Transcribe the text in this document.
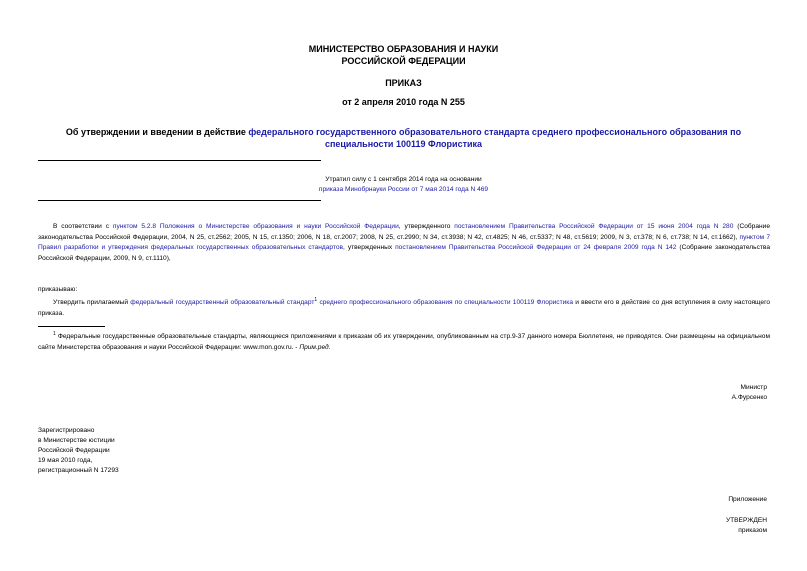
МИНИСТЕРСТВО ОБРАЗОВАНИЯ И НАУКИ
РОССИЙСКОЙ ФЕДЕРАЦИИ
ПРИКАЗ
от 2 апреля 2010 года N 255
Об утверждении и введении в действие федерального государственного образовательного стандарта среднего профессионального образования по специальности 100119 Флористика
Утратил силу с 1 сентября 2014 года на основании
приказа Минобрнауки России от 7 мая 2014 года N 469
В соответствии с пунктом 5.2.8 Положения о Министерстве образования и науки Российской Федерации, утвержденного постановлением Правительства Российской Федерации от 15 июня 2004 года N 280 (Собрание законодательства Российской Федерации, 2004, N 25, ст.2562; 2005, N 15, ст.1350; 2006, N 18, ст.2007; 2008, N 25, ст.2990; N 34, ст.3938; N 42, ст.4825; N 46, ст.5337; N 48, ст.5619; 2009, N 3, ст.378; N 6, ст.738; N 14, ст.1662), пунктом 7 Правил разработки и утверждения федеральных государственных образовательных стандартов, утвержденных постановлением Правительства Российской Федерации от 24 февраля 2009 года N 142 (Собрание законодательства Российской Федерации, 2009, N 9, ст.1110),
приказываю:
Утвердить прилагаемый федеральный государственный образовательный стандарт$^1$ среднего профессионального образования по специальности 100119 Флористика и ввести его в действие со дня вступления в силу настоящего приказа.
$^1$ Федеральные государственные образовательные стандарты, являющиеся приложениями к приказам об их утверждении, опубликованным на стр.9-37 данного номера Бюллетеня, не приводятся. Они размещены на официальном сайте Министерства образования и науки Российской Федерации: www.mon.gov.ru. - Прим.ред.
Министр
А.Фурсенко
Зарегистрировано
в Министерстве юстиции
Российской Федерации
19 мая 2010 года,
регистрационный N 17293
Приложение
УТВЕРЖДЕН
приказом
